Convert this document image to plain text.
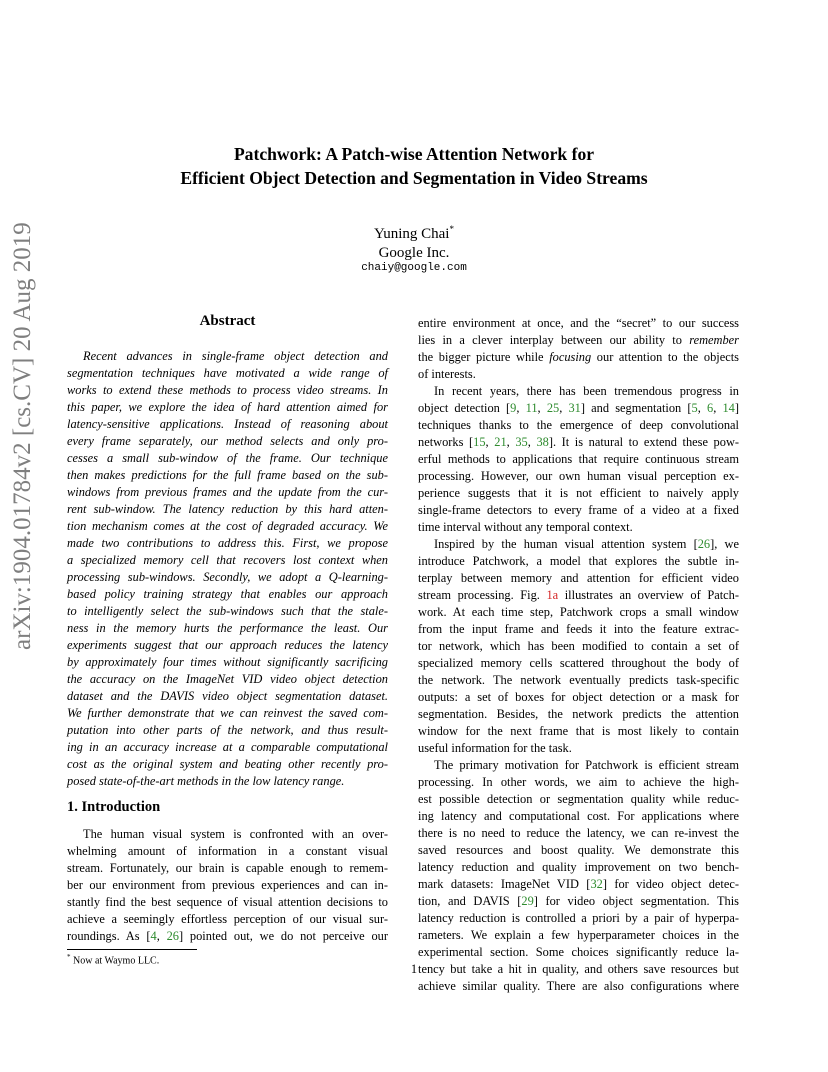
arXiv:1904.01784v2 [cs.CV] 20 Aug 2019
Patchwork: A Patch-wise Attention Network for
Efficient Object Detection and Segmentation in Video Streams
Yuning Chai*
Google Inc.
chaiy@google.com
Abstract
Recent advances in single-frame object detection and
segmentation techniques have motivated a wide range of
works to extend these methods to process video streams. In
this paper, we explore the idea of hard attention aimed for
latency-sensitive applications. Instead of reasoning about
every frame separately, our method selects and only pro-
cesses a small sub-window of the frame. Our technique
then makes predictions for the full frame based on the sub-
windows from previous frames and the update from the cur-
rent sub-window. The latency reduction by this hard atten-
tion mechanism comes at the cost of degraded accuracy. We
made two contributions to address this. First, we propose
a specialized memory cell that recovers lost context when
processing sub-windows. Secondly, we adopt a Q-learning-
based policy training strategy that enables our approach
to intelligently select the sub-windows such that the stale-
ness in the memory hurts the performance the least. Our
experiments suggest that our approach reduces the latency
by approximately four times without significantly sacrificing
the accuracy on the ImageNet VID video object detection
dataset and the DAVIS video object segmentation dataset.
We further demonstrate that we can reinvest the saved com-
putation into other parts of the network, and thus result-
ing in an accuracy increase at a comparable computational
cost as the original system and beating other recently pro-
posed state-of-the-art methods in the low latency range.
1. Introduction
The human visual system is confronted with an over-
whelming amount of information in a constant visual
stream. Fortunately, our brain is capable enough to remem-
ber our environment from previous experiences and can in-
stantly find the best sequence of visual attention decisions to
achieve a seemingly effortless perception of our visual sur-
roundings. As [4, 26] pointed out, we do not perceive our
entire environment at once, and the “secret” to our success
lies in a clever interplay between our ability to remember
the bigger picture while focusing our attention to the objects
of interests.
In recent years, there has been tremendous progress in
object detection [9, 11, 25, 31] and segmentation [5, 6, 14]
techniques thanks to the emergence of deep convolutional
networks [15, 21, 35, 38]. It is natural to extend these pow-
erful methods to applications that require continuous stream
processing. However, our own human visual perception ex-
perience suggests that it is not efficient to naively apply
single-frame detectors to every frame of a video at a fixed
time interval without any temporal context.
Inspired by the human visual attention system [26], we
introduce Patchwork, a model that explores the subtle in-
terplay between memory and attention for efficient video
stream processing. Fig. 1a illustrates an overview of Patch-
work. At each time step, Patchwork crops a small window
from the input frame and feeds it into the feature extrac-
tor network, which has been modified to contain a set of
specialized memory cells scattered throughout the body of
the network. The network eventually predicts task-specific
outputs: a set of boxes for object detection or a mask for
segmentation. Besides, the network predicts the attention
window for the next frame that is most likely to contain
useful information for the task.
The primary motivation for Patchwork is efficient stream
processing. In other words, we aim to achieve the high-
est possible detection or segmentation quality while reduc-
ing latency and computational cost. For applications where
there is no need to reduce the latency, we can re-invest the
saved resources and boost quality. We demonstrate this
latency reduction and quality improvement on two bench-
mark datasets: ImageNet VID [32] for video object detec-
tion, and DAVIS [29] for video object segmentation. This
latency reduction is controlled a priori by a pair of hyperpa-
rameters. We explain a few hyperparameter choices in the
experimental section. Some choices significantly reduce la-
tency but take a hit in quality, and others save resources but
achieve similar quality. There are also configurations where
* Now at Waymo LLC.
1
